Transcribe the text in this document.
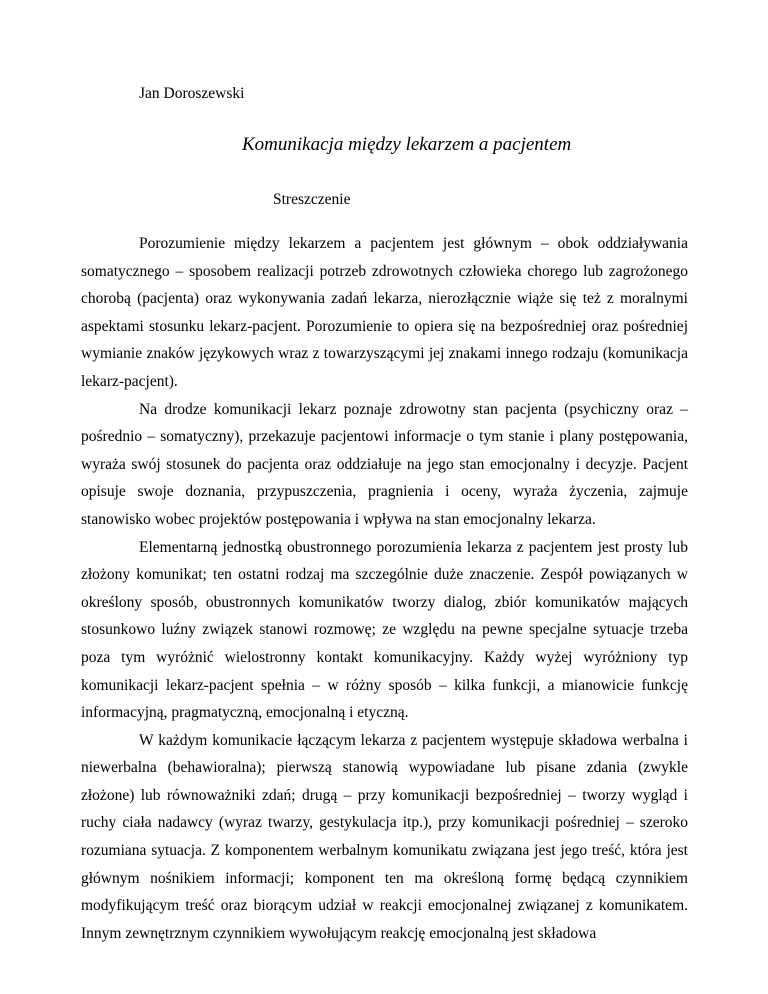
Jan Doroszewski
Komunikacja między lekarzem a pacjentem
Streszczenie

Porozumienie między lekarzem a pacjentem jest głównym – obok oddziaływania somatycznego – sposobem realizacji potrzeb zdrowotnych człowieka chorego lub zagrożonego chorobą (pacjenta) oraz wykonywania zadań lekarza, nierozłącznie wiąże się też z moralnymi aspektami stosunku lekarz-pacjent. Porozumienie to opiera się na bezpośredniej oraz pośredniej wymianie znaków językowych wraz z towarzyszącymi jej znakami innego rodzaju (komunikacja lekarz-pacjent).

Na drodze komunikacji lekarz poznaje zdrowotny stan pacjenta (psychiczny oraz – pośrednio – somatyczny), przekazuje pacjentowi informacje o tym stanie i plany postępowania, wyraża swój stosunek do pacjenta oraz oddziałuje na jego stan emocjonalny i decyzje. Pacjent opisuje swoje doznania, przypuszczenia, pragnienia i oceny, wyraża życzenia, zajmuje stanowisko wobec projektów postępowania i wpływa na stan emocjonalny lekarza.

Elementarną jednostką obustronnego porozumienia lekarza z pacjentem jest prosty lub złożony komunikat; ten ostatni rodzaj ma szczególnie duże znaczenie. Zespół powiązanych w określony sposób, obustronnych komunikatów tworzy dialog, zbiór komunikatów mających stosunkowo luźny związek stanowi rozmowę; ze względu na pewne specjalne sytuacje trzeba poza tym wyróżnić wielostronny kontakt komunikacyjny. Każdy wyżej wyróżniony typ komunikacji lekarz-pacjent spełnia – w różny sposób – kilka funkcji, a mianowicie funkcję informacyjną, pragmatyczną, emocjonalną i etyczną.

W każdym komunikacie łączącym lekarza z pacjentem występuje składowa werbalna i niewerbalna (behawioralna); pierwszą stanowią wypowiadane lub pisane zdania (zwykle złożone) lub równoważniki zdań; drugą – przy komunikacji bezpośredniej – tworzy wygląd i ruchy ciała nadawcy (wyraz twarzy, gestykulacja itp.), przy komunikacji pośredniej – szeroko rozumiana sytuacja. Z komponentem werbalnym komunikatu związana jest jego treść, która jest głównym nośnikiem informacji; komponent ten ma określoną formę będącą czynnikiem modyfikującym treść oraz biorącym udział w reakcji emocjonalnej związanej z komunikatem. Innym zewnętrznym czynnikiem wywołującym reakcję emocjonalną jest składowa
